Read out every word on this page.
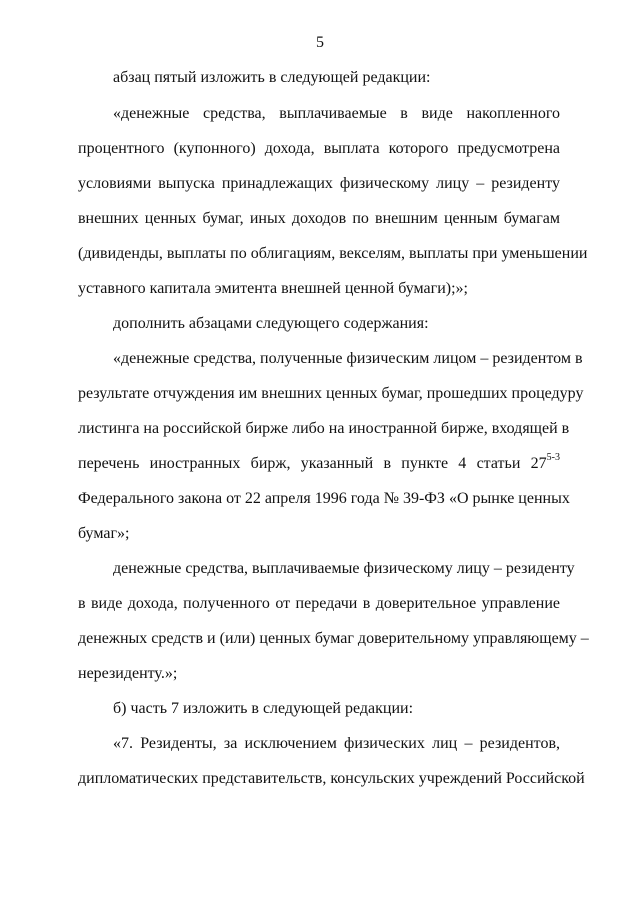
5
абзац пятый изложить в следующей редакции:
«денежные средства, выплачиваемые в виде накопленного
процентного (купонного) дохода, выплата которого предусмотрена
условиями выпуска принадлежащих физическому лицу – резиденту
внешних ценных бумаг, иных доходов по внешним ценным бумагам
(дивиденды, выплаты по облигациям, векселям, выплаты при уменьшении
уставного капитала эмитента внешней ценной бумаги);»;
дополнить абзацами следующего содержания:
«денежные средства, полученные физическим лицом – резидентом в
результате отчуждения им внешних ценных бумаг, прошедших процедуру
листинга на российской бирже либо на иностранной бирже, входящей в
перечень иностранных бирж, указанный в пункте 4 статьи 27$^{5-3}$
Федерального закона от 22 апреля 1996 года № 39-ФЗ «О рынке ценных
бумаг»;
денежные средства, выплачиваемые физическому лицу – резиденту
в виде дохода, полученного от передачи в доверительное управление
денежных средств и (или) ценных бумаг доверительному управляющему –
нерезиденту.»;
б) часть 7 изложить в следующей редакции:
«7. Резиденты, за исключением физических лиц – резидентов,
дипломатических представительств, консульских учреждений Российской
